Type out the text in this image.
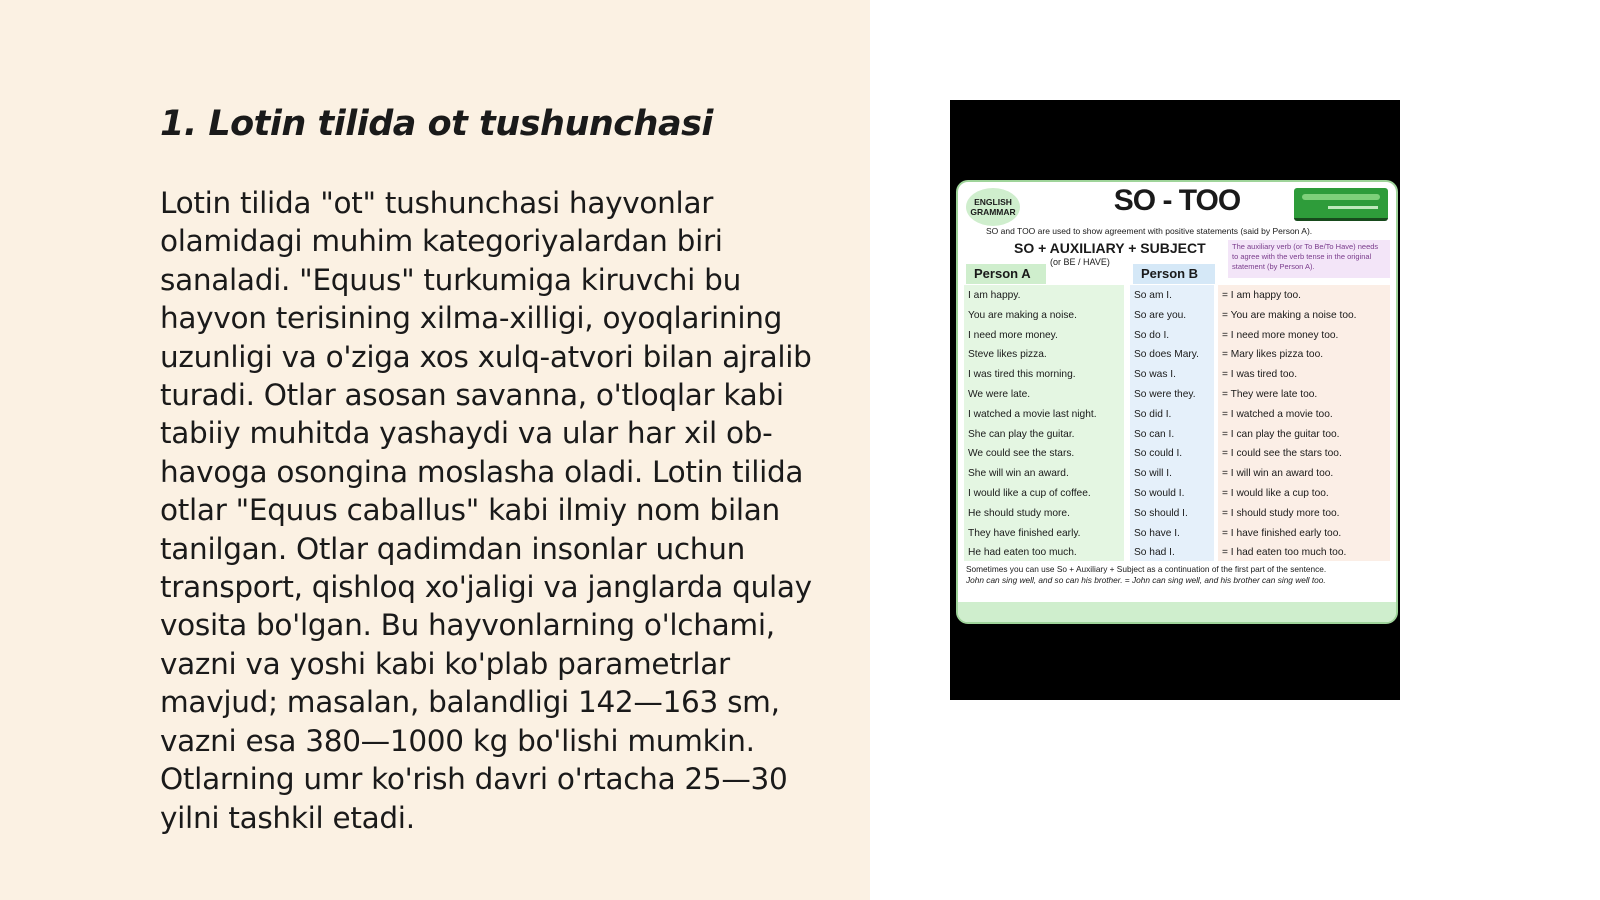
1. Lotin tilida ot tushunchasi

Lotin tilida "ot" tushunchasi hayvonlar olamidagi muhim kategoriyalardan biri sanaladi. "Equus" turkumiga kiruvchi bu hayvon terisining xilma-xilligi, oyoqlarining uzunligi va o'ziga xos xulq-atvori bilan ajralib turadi. Otlar asosan savanna, o'tloqlar kabi tabiiy muhitda yashaydi va ular har xil ob-havoga osongina moslasha oladi. Lotin tilida otlar "Equus caballus" kabi ilmiy nom bilan tanilgan. Otlar qadimdan insonlar uchun transport, qishloq xo'jaligi va janglarda qulay vosita bo'lgan. Bu hayvonlarning o'lchami, vazni va yoshi kabi ko'plab parametrlar mavjud; masalan, balandligi 142—163 sm, vazni esa 380—1000 kg bo'lishi mumkin. Otlarning umr ko'rish davri o'rtacha 25—30 yilni tashkil etadi.

ENGLISH GRAMMAR	SO - TOO
SO and TOO are used to show agreement with positive statements (said by Person A).
SO + AUXILIARY + SUBJECT
(or BE / HAVE)
The auxiliary verb (or To Be/To Have) needs to agree with the verb tense in the original statement (by Person A).
Person A	Person B
I am happy.	So am I.	= I am happy too.
You are making a noise.	So are you.	= You are making a noise too.
I need more money.	So do I.	= I need more money too.
Steve likes pizza.	So does Mary. = Mary likes pizza too.
I was tired this morning.	So was I.	= I was tired too.
We were late.	So were they.	= They were late too.
I watched a movie last night.	So did I.	= I watched a movie too.
She can play the guitar.	So can I.	= I can play the guitar too.
We could see the stars.	So could I.	= I could see the stars too.
She will win an award.	So will I.	= I will win an award too.
I would like a cup of coffee.	So would I.	= I would like a cup too.
He should study more.	So should I.	= I should study more too.
They have finished early.	So have I.	= I have finished early too.
He had eaten too much.	So had I.	= I had eaten too much too.
Sometimes you can use So + Auxiliary + Subject as a continuation of the first part of the sentence.
John can sing well, and so can his brother. = John can sing well, and his brother can sing well too.
